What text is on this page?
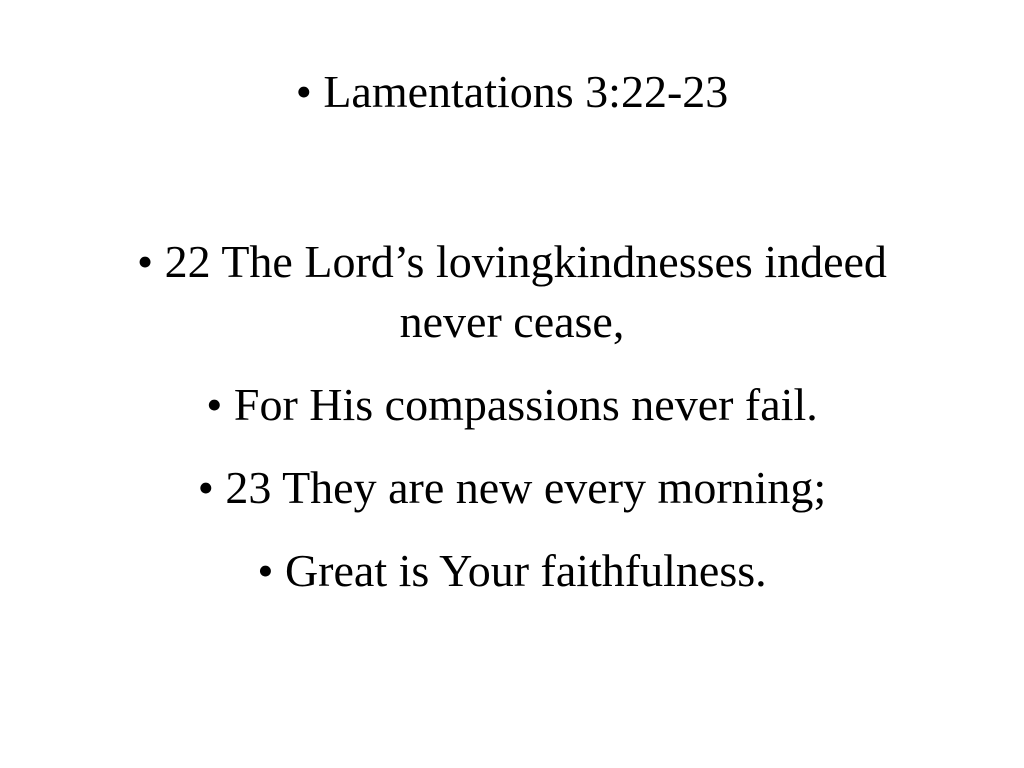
• Lamentations 3:22-23
• 22 The Lord’s lovingkindnesses indeed never cease,
• For His compassions never fail.
• 23 They are new every morning;
• Great is Your faithfulness.
